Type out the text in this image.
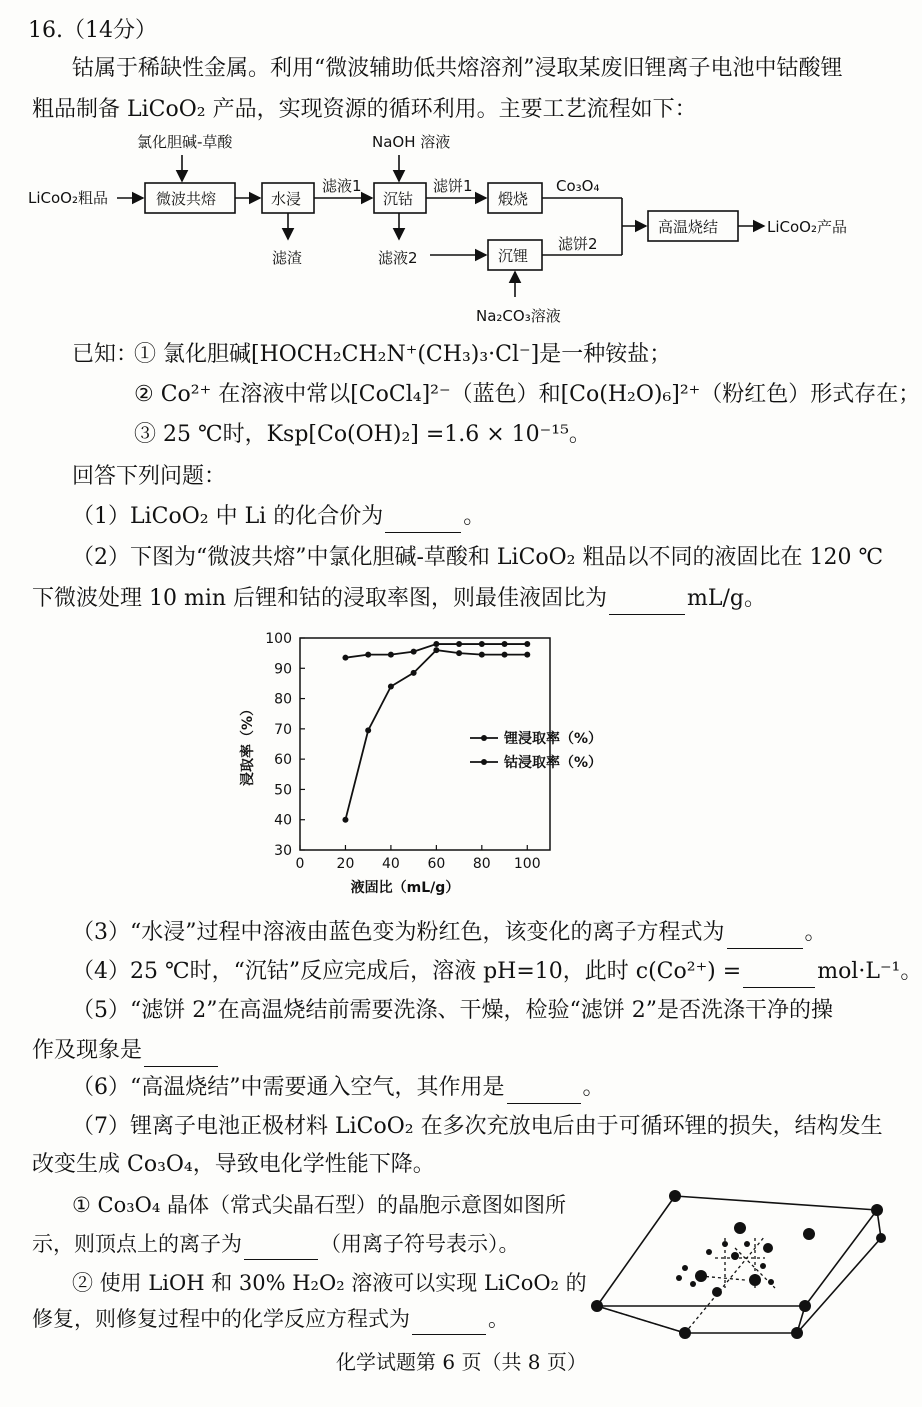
16.（14分）
钴属于稀缺性金属。利用“微波辅助低共熔溶剂”浸取某废旧锂离子电池中钴酸锂
粗品制备 LiCoO₂ 产品，实现资源的循环利用。主要工艺流程如下：
LiCoO₂粗品
氯化胆碱-草酸	NaOH 溶液
微波共熔	水浸	沉钴	煅烧
沉锂
高温烧结
滤液1	滤饼1
滤渣	滤液2
滤饼2
Co₃O₄
LiCoO₂产品
Na₂CO₃溶液
已知：
① 氯化胆碱[HOCH₂CH₂N⁺(CH₃)₃·Cl⁻]是一种铵盐；
② Co²⁺ 在溶液中常以[CoCl₄]²⁻（蓝色）和[Co(H₂O)₆]²⁺（粉红色）形式存在；
③ 25 ℃时，Ksp[Co(OH)₂] =1.6 × 10⁻¹⁵。
回答下列问题：
（1）LiCoO₂ 中 Li 的化合价为	。
（2）下图为“微波共熔”中氯化胆碱-草酸和 LiCoO₂ 粗品以不同的液固比在 120 ℃
下微波处理 10 min 后锂和钴的浸取率图，则最佳液固比为	mL/g。
30
40
50
60
70
80
90
100
0 20 40 60 80 100
液固比（mL/g）
浸取率（%）	锂浸取率（%）
钴浸取率（%）
（3）“水浸”过程中溶液由蓝色变为粉红色，该变化的离子方程式为	。
（4）25 ℃时，“沉钴”反应完成后，溶液 pH=10，此时 c(Co²⁺) =	mol·L⁻¹。
（5）“滤饼 2”在高温烧结前需要洗涤、干燥，检验“滤饼 2”是否洗涤干净的操
作及现象是
（6）“高温烧结”中需要通入空气，其作用是	。
（7）锂离子电池正极材料 LiCoO₂ 在多次充放电后由于可循环锂的损失，结构发生
改变生成 Co₃O₄，导致电化学性能下降。
① Co₃O₄ 晶体（常式尖晶石型）的晶胞示意图如图所
示，则顶点上的离子为	（用离子符号表示）。
② 使用 LiOH 和 30% H₂O₂ 溶液可以实现 LiCoO₂ 的
修复，则修复过程中的化学反应方程式为	。
化学试题第 6 页（共 8 页）
